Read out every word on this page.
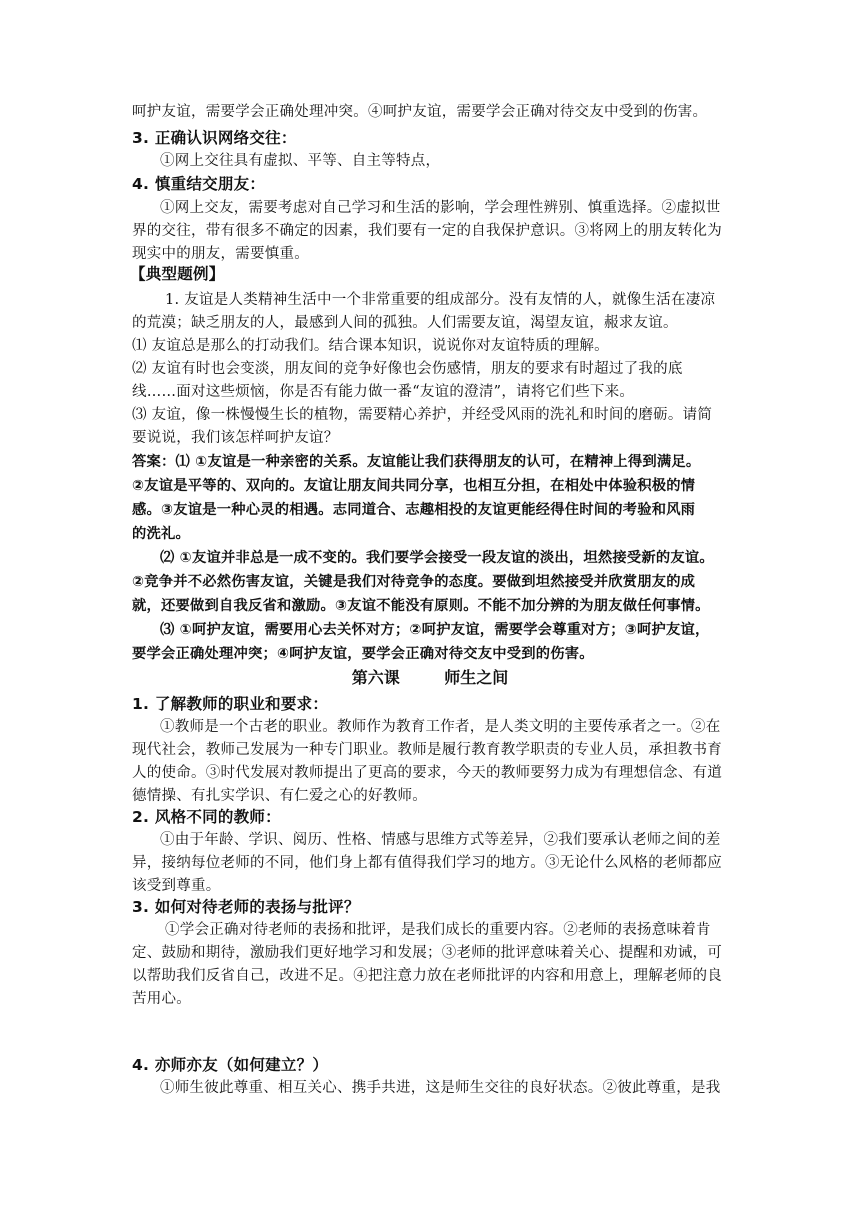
呵护友谊，需要学会正确处理冲突。④呵护友谊，需要学会正确对待交友中受到的伤害。
3. 正确认识网络交往：
①网上交往具有虚拟、平等、自主等特点，
4. 慎重结交朋友：
①网上交友，需要考虑对自己学习和生活的影响，学会理性辨别、慎重选择。②虚拟世
界的交往，带有很多不确定的因素，我们要有一定的自我保护意识。③将网上的朋友转化为
现实中的朋友，需要慎重。
【典型题例】
1. 友谊是人类精神生活中一个非常重要的组成部分。没有友情的人，就像生活在凄凉
的荒漠；缺乏朋友的人，最感到人间的孤独。人们需要友谊，渴望友谊，赧求友谊。
⑴ 友谊总是那么的打动我们。结合课本知识，说说你对友谊特质的理解。
⑵ 友谊有时也会变淡，朋友间的竞争好像也会伤感情，朋友的要求有时超过了我的底
线……面对这些烦恼，你是否有能力做一番“友谊的澄清”，请将它们些下来。
⑶ 友谊，像一株慢慢生长的植物，需要精心养护，并经受风雨的洗礼和时间的磨砺。请简
要说说，我们该怎样呵护友谊？
答案：⑴ ①友谊是一种亲密的关系。友谊能让我们获得朋友的认可，在精神上得到满足。
②友谊是平等的、双向的。友谊让朋友间共同分享，也相互分担，在相处中体验积极的情
感。③友谊是一种心灵的相遇。志同道合、志趣相投的友谊更能经得住时间的考验和风雨
的洗礼。
⑵ ①友谊并非总是一成不变的。我们要学会接受一段友谊的淡出，坦然接受新的友谊。
②竞争并不必然伤害友谊，关键是我们对待竞争的态度。要做到坦然接受并欣赏朋友的成
就，还要做到自我反省和激励。③友谊不能没有原则。不能不加分辨的为朋友做任何事情。
⑶ ①呵护友谊，需要用心去关怀对方；②呵护友谊，需要学会尊重对方；③呵护友谊，
要学会正确处理冲突；④呵护友谊，要学会正确对待交友中受到的伤害。
第六课        师生之间
1. 了解教师的职业和要求：
①教师是一个古老的职业。教师作为教育工作者，是人类文明的主要传承者之一。②在
现代社会，教师己发展为一种专门职业。教师是履行教育教学职责的专业人员，承担教书育
人的使命。③时代发展对教师提出了更高的要求，今天的教师要努力成为有理想信念、有道
德情操、有扎实学识、有仁爱之心的好教师。
2. 风格不同的教师：
①由于年龄、学识、阅历、性格、情感与思维方式等差异，②我们要承认老师之间的差
异，接纳每位老师的不同，他们身上都有值得我们学习的地方。③无论什么风格的老师都应
该受到尊重。
3. 如何对待老师的表扬与批评？
①学会正确对待老师的表扬和批评，是我们成长的重要内容。②老师的表扬意味着肯
定、鼓励和期待，激励我们更好地学习和发展；③老师的批评意味着关心、提醒和劝诫，可
以帮助我们反省自己，改进不足。④把注意力放在老师批评的内容和用意上，理解老师的良
苦用心。
4. 亦师亦友（如何建立？）
①师生彼此尊重、相互关心、携手共进，这是师生交往的良好状态。②彼此尊重，是我
